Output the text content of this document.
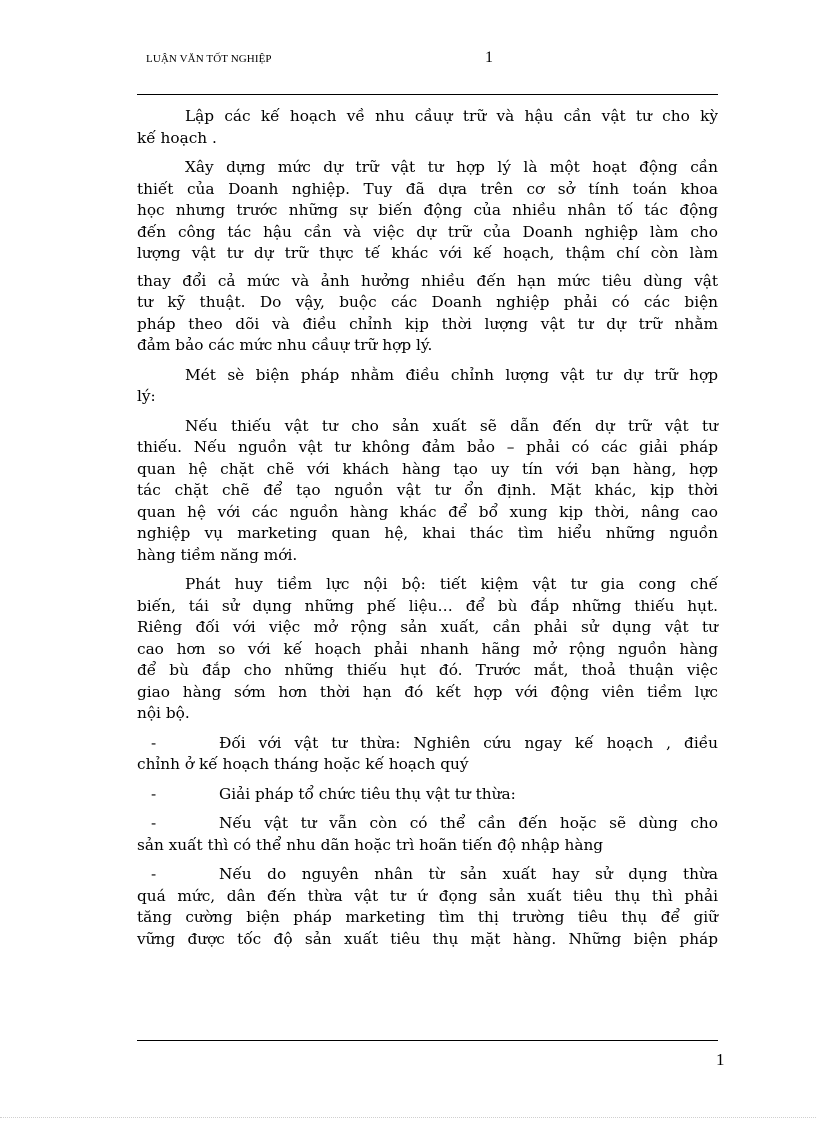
LUẬN VĂN TỐT NGHIỆP	1
Lập các kế hoạch về nhu cầuự trữ và hậu cần vật tư cho kỳ
kế hoạch .
Xây dựng mức dự trữ vật tư hợp lý là một hoạt động cần
thiết của Doanh nghiệp. Tuy đã dựa trên cơ sở tính toán khoa
học nhưng trước những sự biến động của nhiều nhân tố tác động
đến công tác hậu cần và việc dự trữ của Doanh nghiệp làm cho
lượng vật tư dự trữ thực tế khác với kế hoạch, thậm chí còn làm
thay đổi cả mức và ảnh hưởng nhiều đến hạn mức tiêu dùng vật
tư kỹ thuật. Do vậy, buộc các Doanh nghiệp phải có các biện
pháp theo dõi và điều chỉnh kịp thời lượng vật tư dự trữ nhằm
đảm bảo các mức nhu cầuự trữ hợp lý.
Mét sè biện pháp nhằm điều chỉnh lượng vật tư dự trữ hợp
lý:
Nếu thiếu vật tư cho sản xuất sẽ dẫn đến dự trữ vật tư
thiếu. Nếu nguồn vật tư không đảm bảo – phải có các giải pháp
quan hệ chặt chẽ với khách hàng tạo uy tín với bạn hàng, hợp
tác chặt chẽ để tạo nguồn vật tư ổn định. Mặt khác, kịp thời
quan hệ với các nguồn hàng khác để bổ xung kịp thời, nâng cao
nghiệp vụ marketing quan hệ, khai thác tìm hiểu những nguồn
hàng tiềm năng mới.
Phát huy tiềm lực nội bộ: tiết kiệm vật tư gia cong chế
biến, tái sử dụng những phế liệu… để bù đắp những thiếu hụt.
Riêng đối với việc mở rộng sản xuất, cần phải sử dụng vật tư
cao hơn so với kế hoạch phải nhanh hãng mở rộng nguồn hàng
để bù đắp cho những thiếu hụt đó. Trước mắt, thoả thuận việc
giao hàng sớm hơn thời hạn đó kết hợp với động viên tiềm lực
nội bộ.
-	Đối với vật tư thừa: Nghiên cứu ngay kế hoạch , điều
chỉnh ở kế hoạch tháng hoặc kế hoạch quý
-	Giải pháp tổ chức tiêu thụ vật tư thừa:
-	Nếu vật tư vẫn còn có thể cần đến hoặc sẽ dùng cho
sản xuất thì có thể nhu dãn hoặc trì hoãn tiến độ nhập hàng
-	Nếu do nguyên nhân từ sản xuất hay sử dụng thừa
quá mức, dân đến thừa vật tư ứ đọng sản xuất tiêu thụ thì phải
tăng cường biện pháp marketing tìm thị trường tiêu thụ để giữ
vững được tốc độ sản xuất tiêu thụ mặt hàng. Những biện pháp
1
